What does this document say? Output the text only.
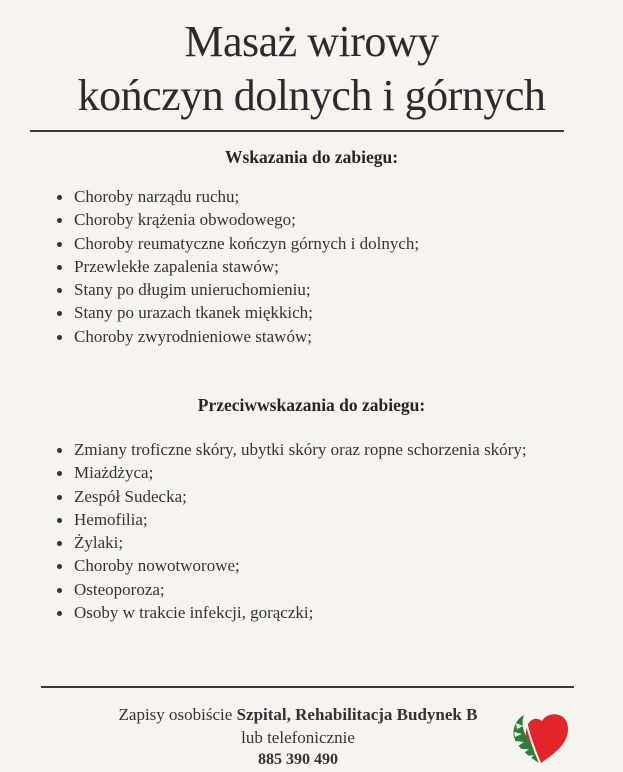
Masaż wirowy
kończyn dolnych i górnych
Wskazania do zabiegu:
Choroby narządu ruchu;
Choroby krążenia obwodowego;
Choroby reumatyczne kończyn górnych i dolnych;
Przewlekłe zapalenia stawów;
Stany po długim unieruchomieniu;
Stany po urazach tkanek miękkich;
Choroby zwyrodnieniowe stawów;
Przeciwwskazania do zabiegu:
Zmiany troficzne skóry, ubytki skóry oraz ropne schorzenia skóry;
Miażdżyca;
Zespół Sudecka;
Hemofilia;
Żylaki;
Choroby nowotworowe;
Osteoporoza;
Osoby w trakcie infekcji, gorączki;
Zapisy osobiście Szpital, Rehabilitacja Budynek B
lub telefonicznie
885 390 490
